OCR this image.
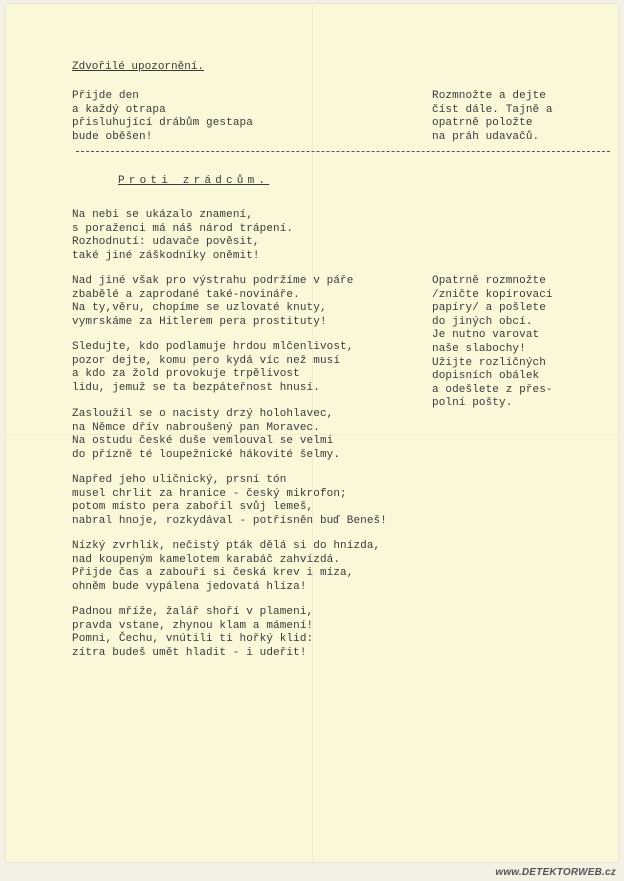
Zdvořilé upozornění.
Přijde den
a každý otrapa
přisluhující drábům gestapa
bude oběšen!
Rozmnožte a dejte
číst dále. Tajně a
opatrně položte
na práh udavačů.
Proti zrádcům.
Na nebi se ukázalo znamení,
s poraženci má náš národ trápení.
Rozhodnutí: udavače pověsit,
také jiné záškodníky oněmit!
Nad jiné však pro výstrahu podržíme v páře
zbabělé a zaprodané také-novináře.
Na ty,věru, chopíme se uzlovaté knuty,
vymrskáme za Hitlerem pera prostituty!
Sledujte, kdo podlamuje hrdou mlčenlivost,
pozor dejte, komu pero kydá víc než musí
a kdo za žold provokuje trpělivost
lidu, jemuž se ta bezpáteřnost hnusí.
Zasloužil se o nacisty drzý holohlavec,
na Němce dřív nabroušený pan Moravec.
Na ostudu české duše vemlouval se velmi
do přízně té loupežnické hákovité šelmy.
Napřed jeho uličnický, prsní tón
musel chrlit za hranice - český mikrofon;
potom místo pera zabořil svůj lemeš,
nabral hnoje, rozkydával - potřísněn buď Beneš!
Nízký zvrhlík, nečistý pták dělá si do hnízda,
nad koupeným kamelotem karabáč zahvízdá.
Přijde čas a zabouří si česká krev i míza,
ohněm bude vypálena jedovatá hlíza!
Padnou mříže, žalář shoří v plameni,
pravda vstane, zhynou klam a mámení!
Pomni, Čechu, vnútili ti hořký klid:
zítra budeš umět hladit - i udeřit!
Opatrně rozmnožte
/zničte kopírovací
papíry/ a pošlete
do jiných obcí.
Je nutno varovat
naše slabochy!
Užijte rozličných
dopisních obálek
a odešlete z přes-
polní pošty.
www.DETEKTORWEB.cz
